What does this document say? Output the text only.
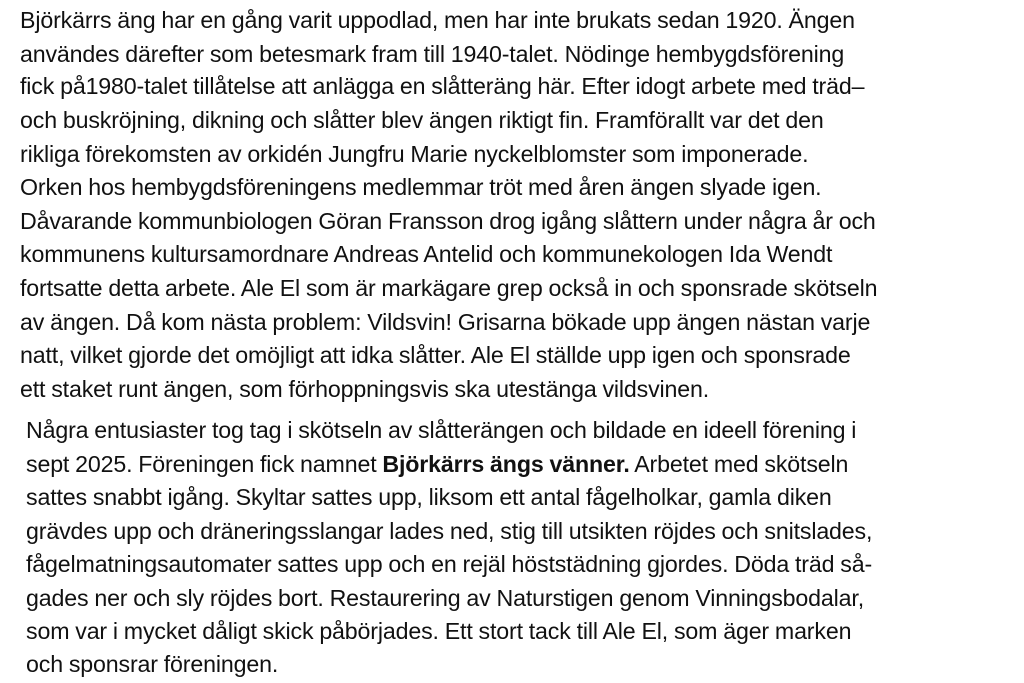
Björkärrs äng har en gång varit uppodlad, men har inte brukats sedan 1920. Ängen
användes därefter som betesmark fram till 1940-talet. Nödinge hembygdsförening
fick på1980-talet tillåtelse att anlägga en slåtteräng här. Efter idogt arbete med träd–
och buskröjning, dikning och slåtter blev ängen riktigt fin. Framförallt var det den
rikliga förekomsten av orkidén Jungfru Marie nyckelblomster som imponerade.
Orken hos hembygdsföreningens medlemmar tröt med åren ängen slyade igen.
Dåvarande kommunbiologen Göran Fransson drog igång slåttern under några år och
kommunens kultursamordnare Andreas Antelid och kommunekologen Ida Wendt
fortsatte detta arbete. Ale El som är markägare grep också in och sponsrade skötseln
av ängen. Då kom nästa problem: Vildsvin! Grisarna bökade upp ängen nästan varje
natt, vilket gjorde det omöjligt att idka slåtter. Ale El ställde upp igen och sponsrade
ett staket runt ängen, som förhoppningsvis ska utestänga vildsvinen.
Några entusiaster tog tag i skötseln av slåtterängen och bildade en ideell förening i
sept 2025. Föreningen fick namnet Björkärrs ängs vänner. Arbetet med skötseln
sattes snabbt igång. Skyltar sattes upp, liksom ett antal fågelholkar, gamla diken
grävdes upp och dräneringsslangar lades ned, stig till utsikten röjdes och snitslades,
fågelmatningsautomater sattes upp och en rejäl höststädning gjordes. Döda träd så-
gades ner och sly röjdes bort. Restaurering av Naturstigen genom Vinningsbodalar,
som var i mycket dåligt skick påbörjades. Ett stort tack till Ale El, som äger marken
och sponsrar föreningen.
